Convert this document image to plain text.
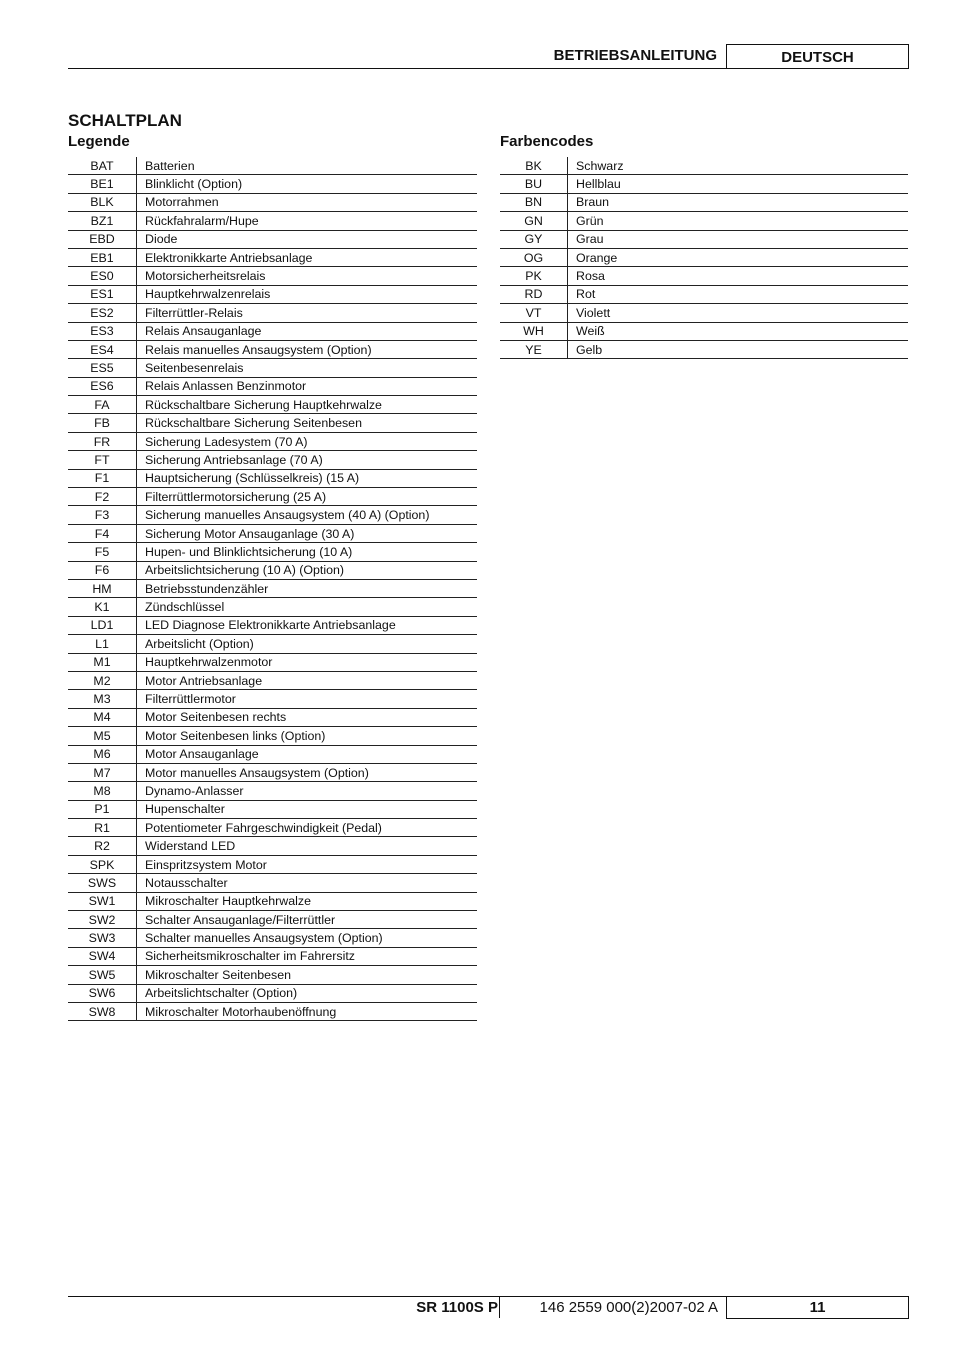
BETRIEBSANLEITUNG	DEUTSCH
SCHALTPLAN
Legende	Farbencodes
BAT	Batterien
BE1	Blinklicht (Option)
BLK	Motorrahmen
BZ1	Rückfahralarm/Hupe
EBD	Diode
EB1	Elektronikkarte Antriebsanlage
ES0	Motorsicherheitsrelais
ES1	Hauptkehrwalzenrelais
ES2	Filterrüttler-Relais
ES3	Relais Ansauganlage
ES4	Relais manuelles Ansaugsystem (Option)
ES5	Seitenbesenrelais
ES6	Relais Anlassen Benzinmotor
FA	Rückschaltbare Sicherung Hauptkehrwalze
FB	Rückschaltbare Sicherung Seitenbesen
FR	Sicherung Ladesystem (70 A)
FT	Sicherung Antriebsanlage (70 A)
F1	Hauptsicherung (Schlüsselkreis) (15 A)
F2	Filterrüttlermotorsicherung (25 A)
F3	Sicherung manuelles Ansaugsystem (40 A) (Option)
F4	Sicherung Motor Ansauganlage (30 A)
F5	Hupen- und Blinklichtsicherung (10 A)
F6	Arbeitslichtsicherung (10 A) (Option)
HM	Betriebsstundenzähler
K1	Zündschlüssel
LD1	LED Diagnose Elektronikkarte Antriebsanlage
L1	Arbeitslicht (Option)
M1	Hauptkehrwalzenmotor
M2	Motor Antriebsanlage
M3	Filterrüttlermotor
M4	Motor Seitenbesen rechts
M5	Motor Seitenbesen links (Option)
M6	Motor Ansauganlage
M7	Motor manuelles Ansaugsystem (Option)
M8	Dynamo-Anlasser
P1	Hupenschalter
R1	Potentiometer Fahrgeschwindigkeit (Pedal)
R2	Widerstand LED
SPK	Einspritzsystem Motor
SWS	Notausschalter
SW1	Mikroschalter Hauptkehrwalze
SW2	Schalter Ansauganlage/Filterrüttler
SW3	Schalter manuelles Ansaugsystem (Option)
SW4	Sicherheitsmikroschalter im Fahrersitz
SW5	Mikroschalter Seitenbesen
SW6	Arbeitslichtschalter (Option)
SW8	Mikroschalter Motorhaubenöffnung
BK	Schwarz
BU	Hellblau
BN	Braun
GN	Grün
GY	Grau
OG	Orange
PK	Rosa
RD	Rot
VT	Violett
WH	Weiß
YE	Gelb
SR 1100S P	146 2559 000(2)2007-02 A	11
